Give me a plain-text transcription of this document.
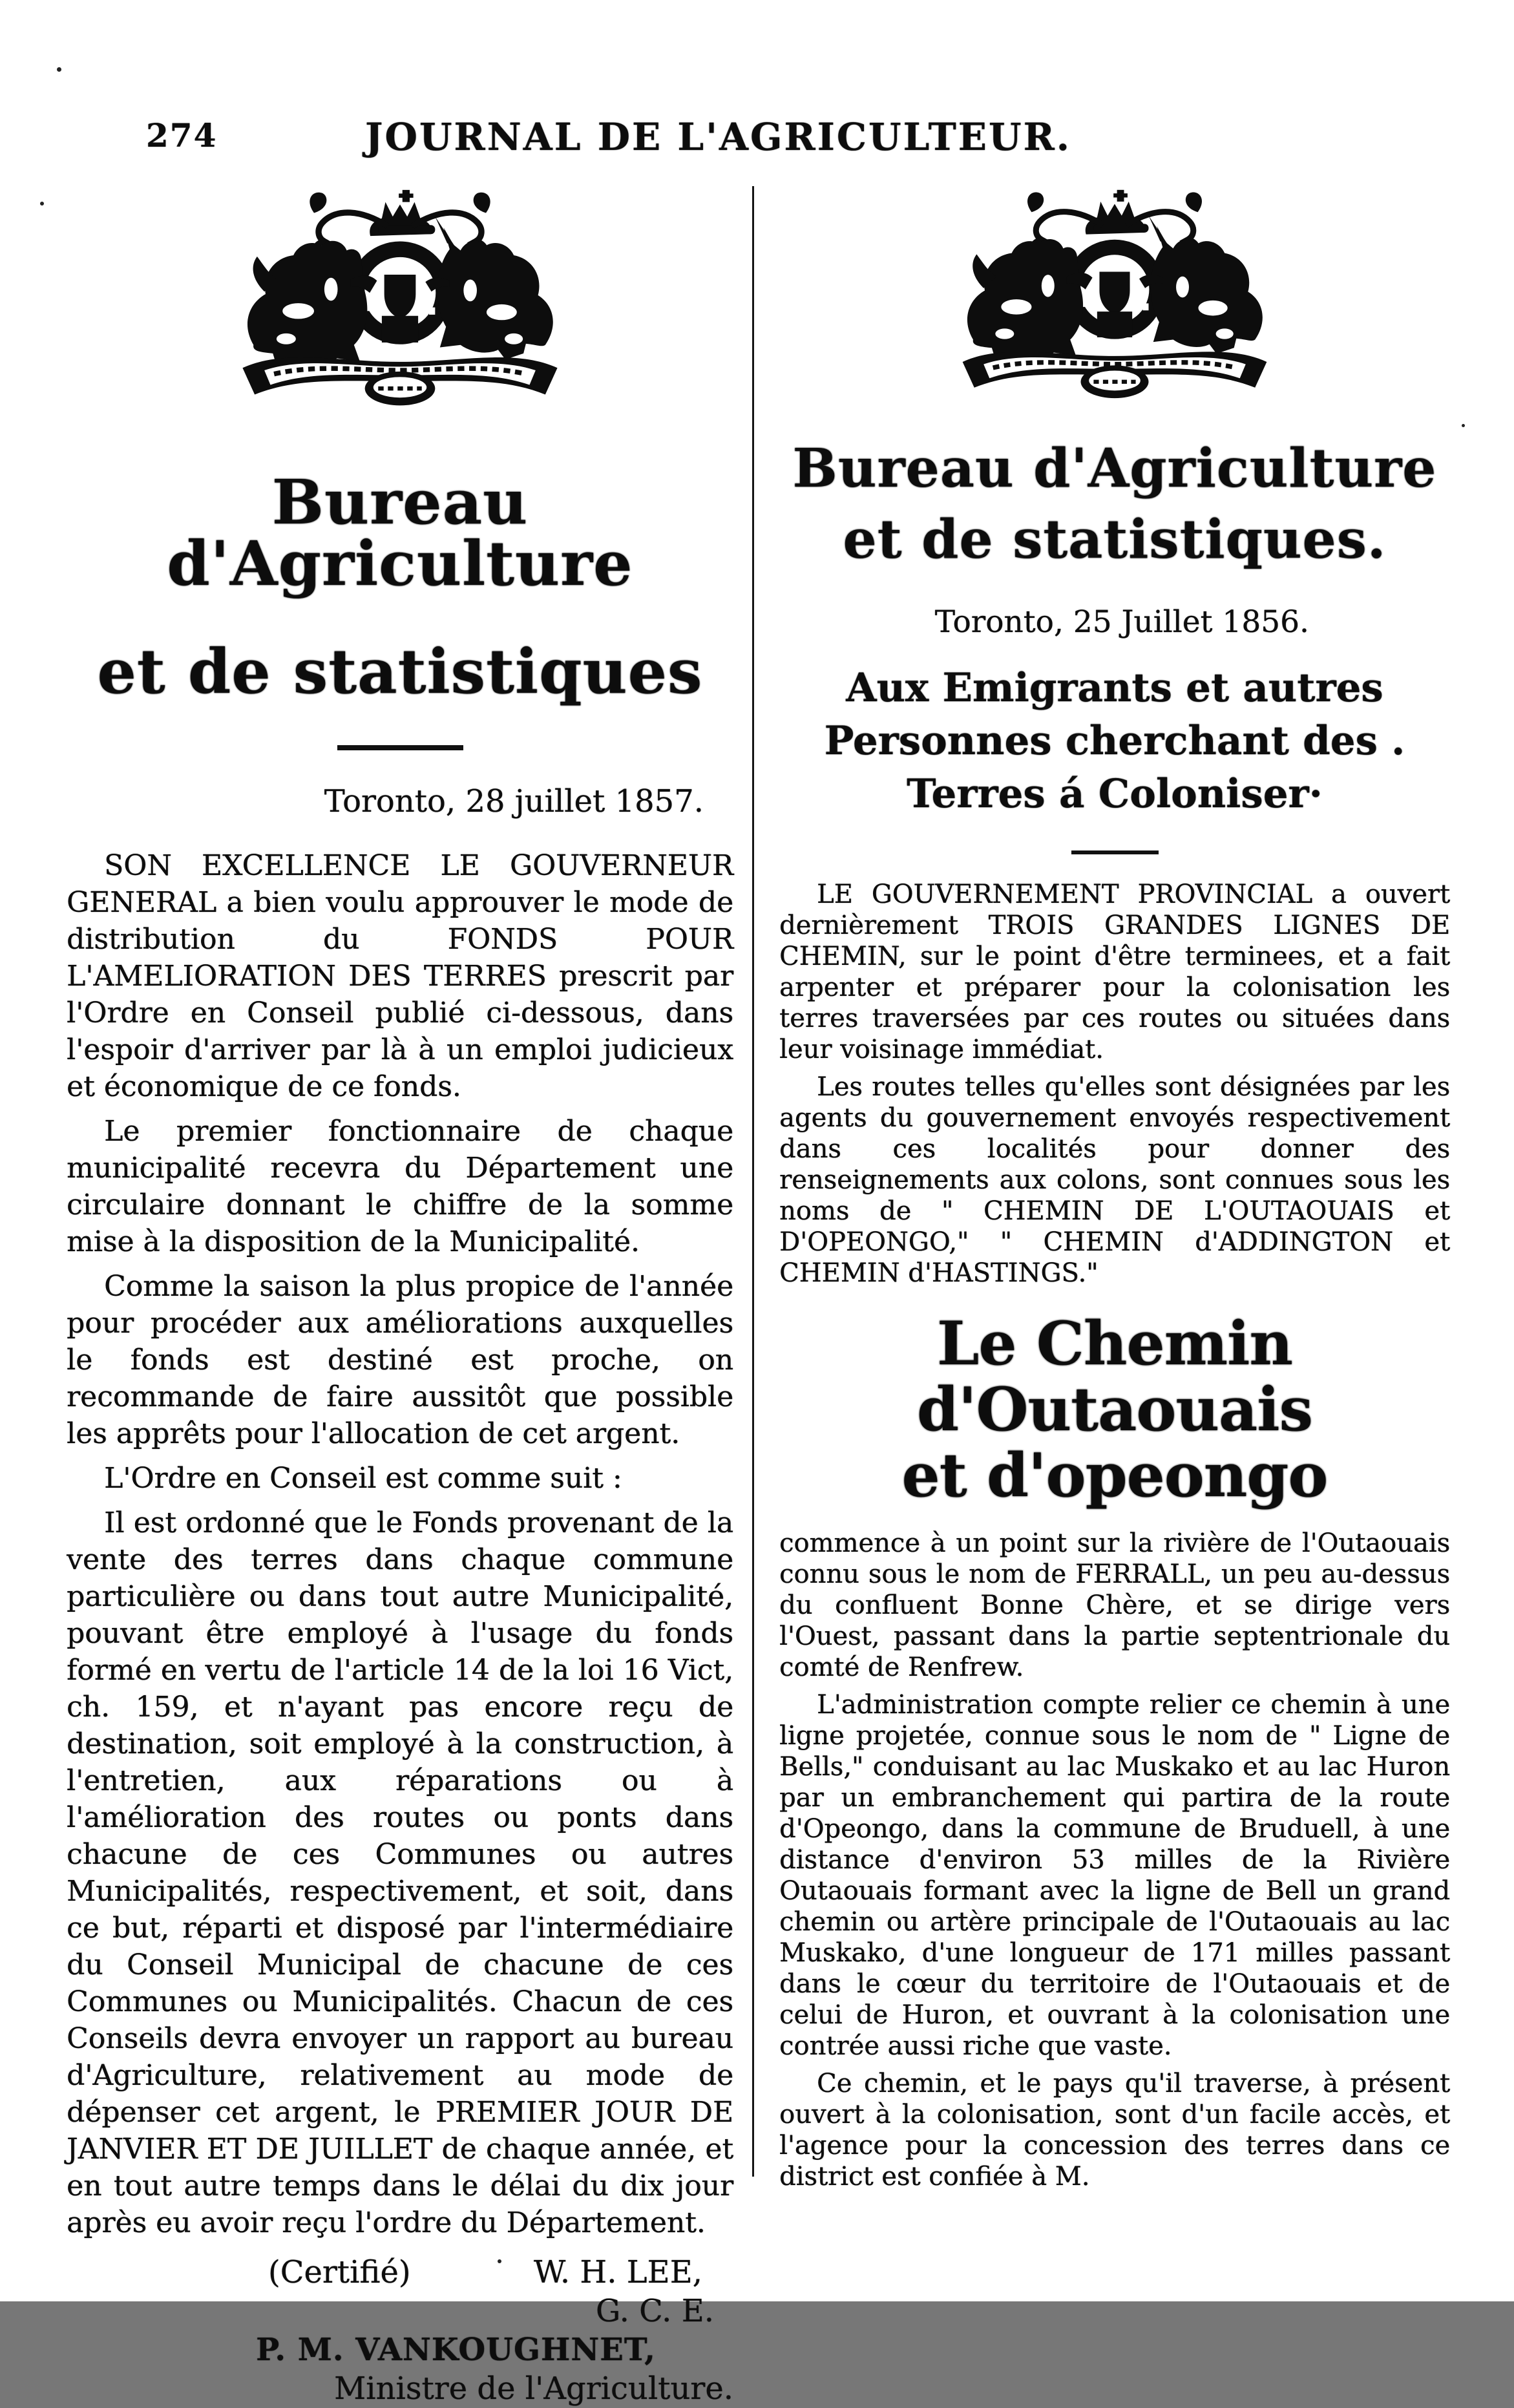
274	JOURNAL DE L'AGRICULTEUR.
Bureau d'Agriculture
et de statistiques

Toronto, 28 juillet 1857.

SON EXCELLENCE LE GOUVERNEUR GENERAL a bien voulu approuver le mode de distribution du FONDS POUR L'AMELIORATION DES TERRES prescrit par l'Ordre en Conseil publié ci-dessous, dans l'espoir d'arriver par là à un emploi judicieux et économique de ce fonds.

Le premier fonctionnaire de chaque municipalité recevra du Département une circulaire donnant le chiffre de la somme mise à la disposition de la Municipalité.

Comme la saison la plus propice de l'année pour procéder aux améliorations auxquelles le fonds est destiné est proche, on recommande de faire aussitôt que possible les apprêts pour l'allocation de cet argent.

L'Ordre en Conseil est comme suit :

Il est ordonné que le Fonds provenant de la vente des terres dans chaque commune particulière ou dans tout autre Municipalité, pouvant être employé à l'usage du fonds formé en vertu de l'article 14 de la loi 16 Vict, ch. 159, et n'ayant pas encore reçu de destination, soit employé à la construction, à l'entretien, aux réparations ou à l'amélioration des routes ou ponts dans chacune de ces Communes ou autres Municipalités, respectivement, et soit, dans ce but, réparti et disposé par l'intermédiaire du Conseil Municipal de chacune de ces Communes ou Municipalités. Chacun de ces Conseils devra envoyer un rapport au bureau d'Agriculture, relativement au mode de dépenser cet argent, le PREMIER JOUR DE JANVIER ET DE JUILLET de chaque année, et en tout autre temps dans le délai du dix jour après eu avoir reçu l'ordre du Département.

(Certifié)	W. H. LEE,
G. C. E.
P. M. VANKOUGHNET,
Ministre de l'Agriculture.
Bureau d'Agriculture
et de statistiques.

Toronto, 25 Juillet 1856.

Aux Emigrants et autres
Personnes cherchant des .
Terres á Coloniser·

LE GOUVERNEMENT PROVINCIAL a ouvert dernièrement TROIS GRANDES LIGNES DE CHEMIN, sur le point d'être terminees, et a fait arpenter et préparer pour la colonisation les terres traversées par ces routes ou situées dans leur voisinage immédiat.

Les routes telles qu'elles sont désignées par les agents du gouvernement envoyés respectivement dans ces localités pour donner des renseignements aux colons, sont connues sous les noms de " CHEMIN DE L'OUTAOUAIS et D'OPEONGO," " CHEMIN d'ADDINGTON et CHEMIN d'HASTINGS."

Le Chemin d'Outaouais
et d'opeongo

commence à un point sur la rivière de l'Outaouais connu sous le nom de FERRALL, un peu au-dessus du confluent Bonne Chère, et se dirige vers l'Ouest, passant dans la partie septentrionale du comté de Renfrew.

L'administration compte relier ce chemin à une ligne projetée, connue sous le nom de " Ligne de Bells," conduisant au lac Muskako et au lac Huron par un embranchement qui partira de la route d'Opeongo, dans la commune de Bruduell, à une distance d'environ 53 milles de la Rivière Outaouais formant avec la ligne de Bell un grand chemin ou artère principale de l'Outaouais au lac Muskako, d'une longueur de 171 milles passant dans le cœur du territoire de l'Outaouais et de celui de Huron, et ouvrant à la colonisation une contrée aussi riche que vaste.

Ce chemin, et le pays qu'il traverse, à présent ouvert à la colonisation, sont d'un facile accès, et l'agence pour la concession des terres dans ce district est confiée à M.
